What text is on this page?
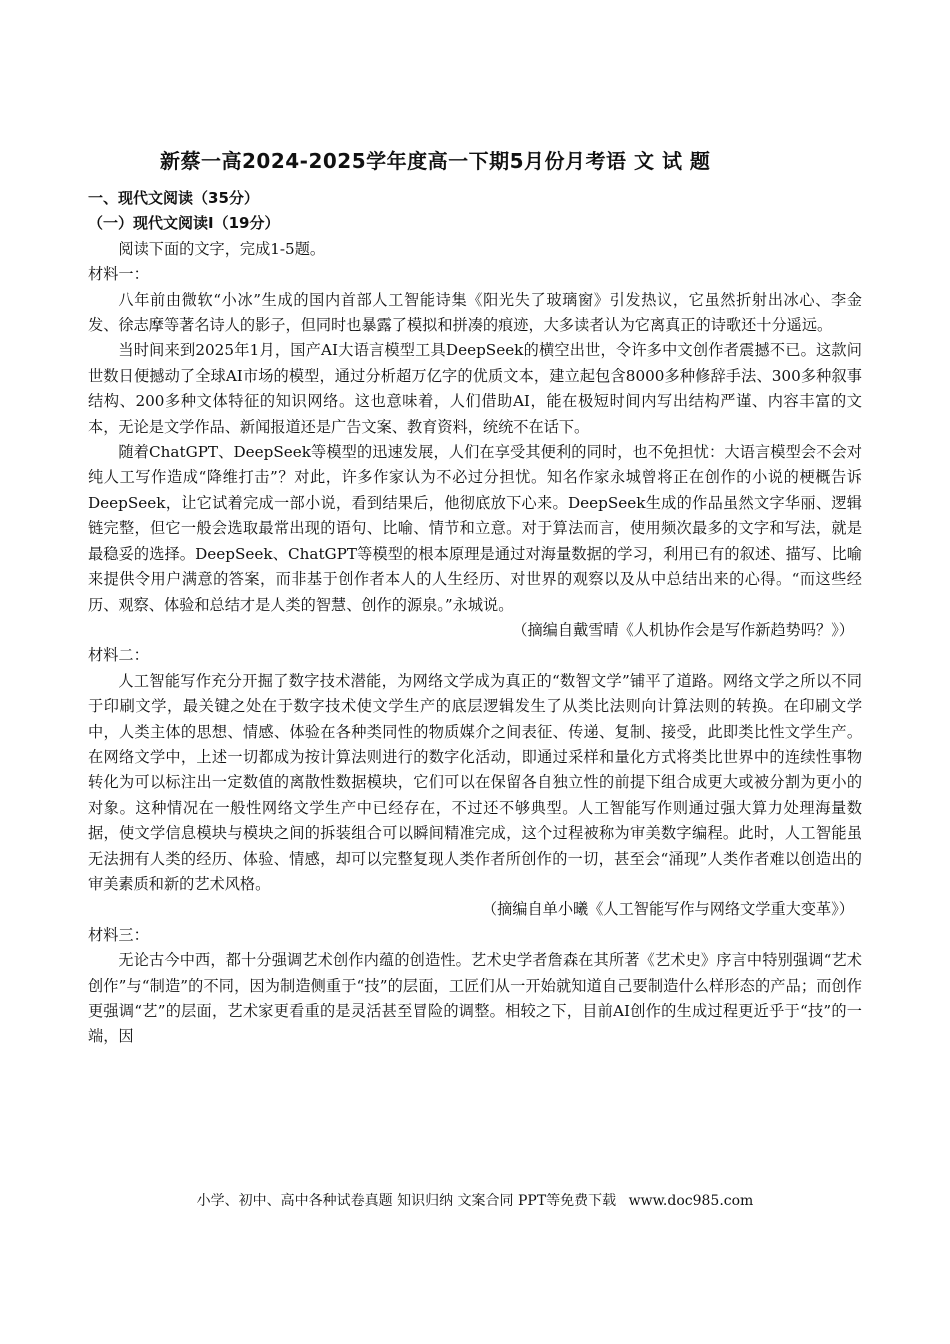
新蔡一高2024-2025学年度高一下期5月份月考语 文 试 题
一、现代文阅读（35分）
（一）现代文阅读Ⅰ（19分）
阅读下面的文字，完成1-5题。
材料一：

八年前由微软“小冰”生成的国内首部人工智能诗集《阳光失了玻璃窗》引发热议，它虽然折射出冰心、李金发、徐志摩等著名诗人的影子，但同时也暴露了模拟和拼凑的痕迹，大多读者认为它离真正的诗歌还十分遥远。

当时间来到2025年1月，国产AI大语言模型工具DeepSeek的横空出世，令许多中文创作者震撼不已。这款问世数日便撼动了全球AI市场的模型，通过分析超万亿字的优质文本，建立起包含8000多种修辞手法、300多种叙事结构、200多种文体特征的知识网络。这也意味着，人们借助AI，能在极短时间内写出结构严谨、内容丰富的文本，无论是文学作品、新闻报道还是广告文案、教育资料，统统不在话下。

随着ChatGPT、DeepSeek等模型的迅速发展，人们在享受其便利的同时，也不免担忧：大语言模型会不会对纯人工写作造成“降维打击”？对此，许多作家认为不必过分担忧。知名作家永城曾将正在创作的小说的梗概告诉DeepSeek，让它试着完成一部小说，看到结果后，他彻底放下心来。DeepSeek生成的作品虽然文字华丽、逻辑链完整，但它一般会选取最常出现的语句、比喻、情节和立意。对于算法而言，使用频次最多的文字和写法，就是最稳妥的选择。DeepSeek、ChatGPT等模型的根本原理是通过对海量数据的学习，利用已有的叙述、描写、比喻来提供令用户满意的答案，而非基于创作者本人的人生经历、对世界的观察以及从中总结出来的心得。“而这些经历、观察、体验和总结才是人类的智慧、创作的源泉。”永城说。

（摘编自戴雪晴《人机协作会是写作新趋势吗？》）
材料二：

人工智能写作充分开掘了数字技术潜能，为网络文学成为真正的“数智文学”铺平了道路。网络文学之所以不同于印刷文学，最关键之处在于数字技术使文学生产的底层逻辑发生了从类比法则向计算法则的转换。在印刷文学中，人类主体的思想、情感、体验在各种类同性的物质媒介之间表征、传递、复制、接受，此即类比性文学生产。在网络文学中，上述一切都成为按计算法则进行的数字化活动，即通过采样和量化方式将类比世界中的连续性事物转化为可以标注出一定数值的离散性数据模块，它们可以在保留各自独立性的前提下组合成更大或被分割为更小的对象。这种情况在一般性网络文学生产中已经存在，不过还不够典型。人工智能写作则通过强大算力处理海量数据，使文学信息模块与模块之间的拆装组合可以瞬间精准完成，这个过程被称为审美数字编程。此时，人工智能虽无法拥有人类的经历、体验、情感，却可以完整复现人类作者所创作的一切，甚至会“涌现”人类作者难以创造出的审美素质和新的艺术风格。

（摘编自单小曦《人工智能写作与网络文学重大变革》）
材料三：

无论古今中西，都十分强调艺术创作内蕴的创造性。艺术史学者詹森在其所著《艺术史》序言中特别强调“艺术创作”与“制造”的不同，因为制造侧重于“技”的层面，工匠们从一开始就知道自己要制造什么样形态的产品；而创作更强调“艺”的层面，艺术家更看重的是灵活甚至冒险的调整。相较之下，目前AI创作的生成过程更近乎于“技”的一端，因

小学、初中、高中各种试卷真题 知识归纳 文案合同 PPT等免费下载 www.doc985.com
